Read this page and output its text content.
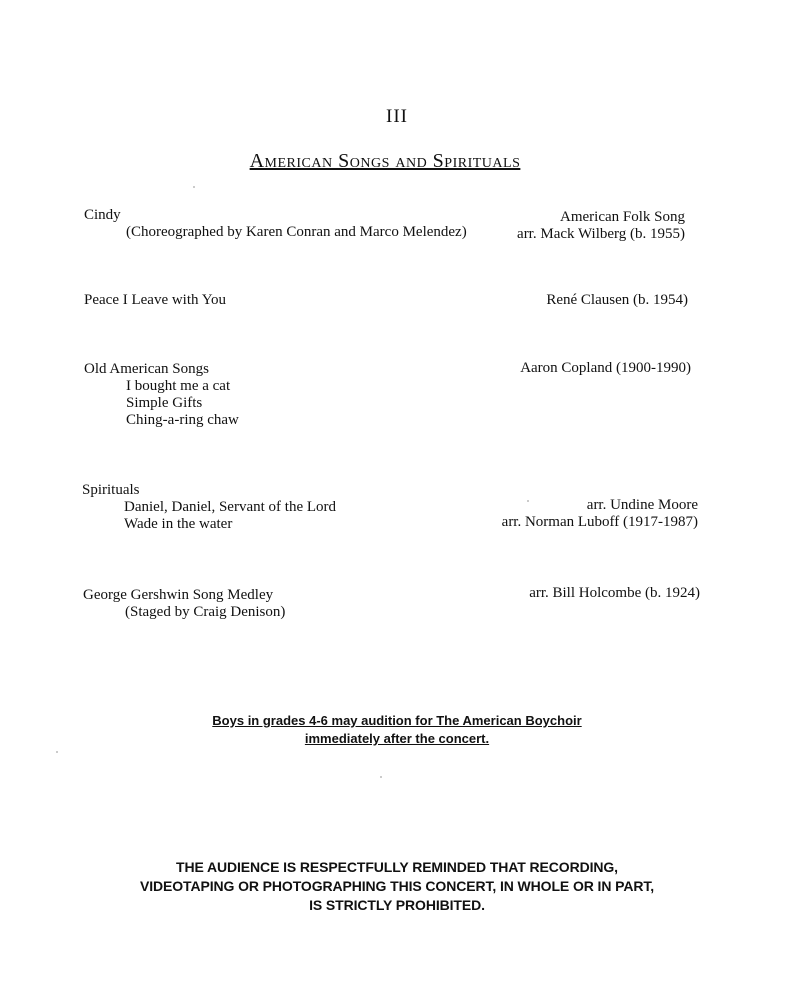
III
American Songs and Spirituals
Cindy
(Choreographed by Karen Conran and Marco Melendez)
American Folk Song
arr. Mack Wilberg (b. 1955)
Peace I Leave with You	René Clausen (b. 1954)
Old American Songs
I bought me a cat
Simple Gifts
Ching-a-ring chaw
Aaron Copland (1900-1990)
Spirituals
Daniel, Daniel, Servant of the Lord
Wade in the water
arr. Undine Moore
arr. Norman Luboff (1917-1987)
George Gershwin Song Medley
(Staged by Craig Denison)
arr. Bill Holcombe (b. 1924)
Boys in grades 4-6 may audition for The American Boychoir
immediately after the concert.
THE AUDIENCE IS RESPECTFULLY REMINDED THAT RECORDING,
VIDEOTAPING OR PHOTOGRAPHING THIS CONCERT, IN WHOLE OR IN PART,
IS STRICTLY PROHIBITED.
